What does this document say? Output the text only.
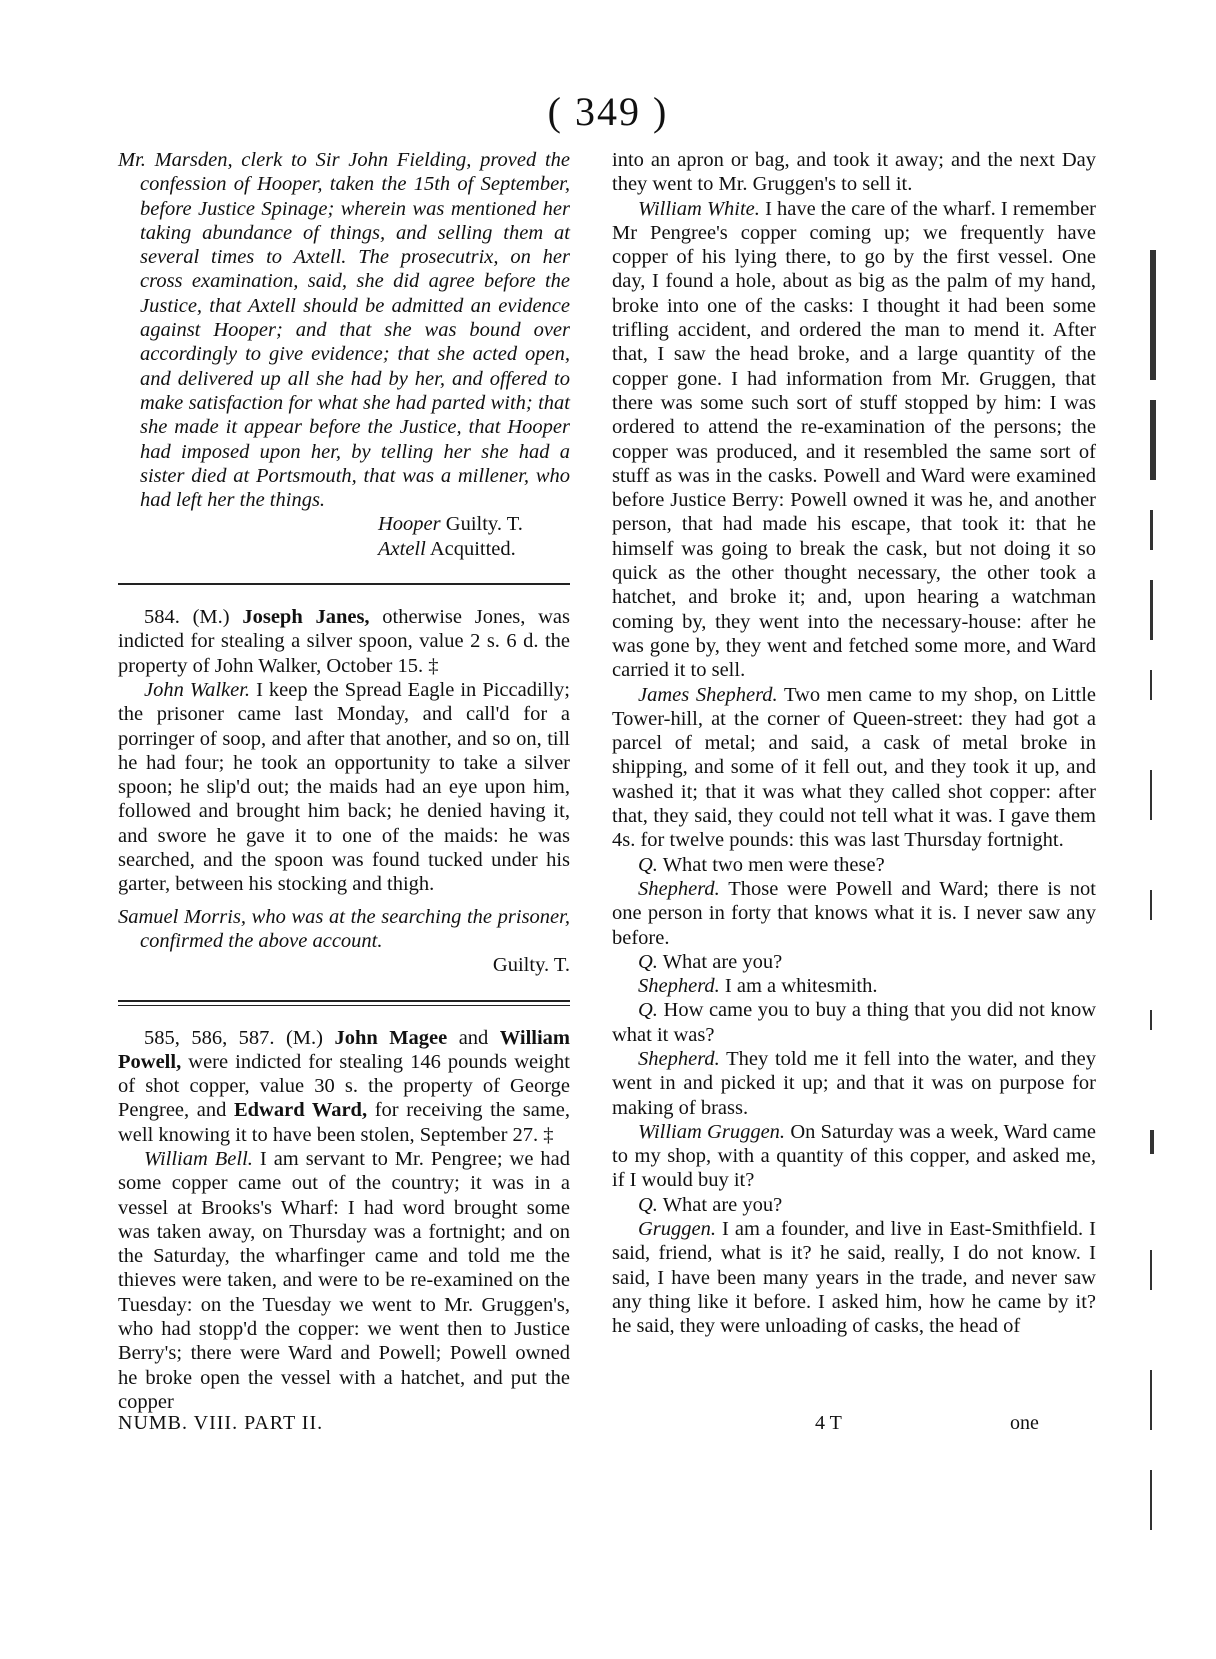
( 349 )

Mr. Marsden, clerk to Sir John Fielding, proved the confession of Hooper, taken the 15th of September, before Justice Spinage; wherein was mentioned her taking abundance of things, and selling them at several times to Axtell. The prosecutrix, on her cross examination, said, she did agree before the Justice, that Axtell should be admitted an evidence against Hooper; and that she was bound over accordingly to give evidence; that she acted open, and delivered up all she had by her, and offered to make satisfaction for what she had parted with; that she made it appear before the Justice, that Hooper had imposed upon her, by telling her she had a sister died at Portsmouth, that was a millener, who had left her the things.

Hooper Guilty. T.

Axtell Acquitted.

584. (M.) Joseph Janes, otherwise Jones, was indicted for stealing a silver spoon, value 2 s. 6 d. the property of John Walker, October 15. ‡

John Walker. I keep the Spread Eagle in Piccadilly; the prisoner came last Monday, and call'd for a porringer of soop, and after that another, and so on, till he had four; he took an opportunity to take a silver spoon; he slip'd out; the maids had an eye upon him, followed and brought him back; he denied having it, and swore he gave it to one of the maids: he was searched, and the spoon was found tucked under his garter, between his stocking and thigh.

Samuel Morris, who was at the searching the prisoner, confirmed the above account.

Guilty. T.

585, 586, 587. (M.) John Magee and William Powell, were indicted for stealing 146 pounds weight of shot copper, value 30 s. the property of George Pengree, and Edward Ward, for receiving the same, well knowing it to have been stolen, September 27. ‡

William Bell. I am servant to Mr. Pengree; we had some copper came out of the country; it was in a vessel at Brooks's Wharf: I had word brought some was taken away, on Thursday was a fortnight; and on the Saturday, the wharfinger came and told me the thieves were taken, and were to be re-examined on the Tuesday: on the Tuesday we went to Mr. Gruggen's, who had stopp'd the copper: we went then to Justice Berry's; there were Ward and Powell; Powell owned he broke open the vessel with a hatchet, and put the copper

into an apron or bag, and took it away; and the next Day they went to Mr. Gruggen's to sell it.

William White. I have the care of the wharf. I remember Mr Pengree's copper coming up; we frequently have copper of his lying there, to go by the first vessel. One day, I found a hole, about as big as the palm of my hand, broke into one of the casks: I thought it had been some trifling accident, and ordered the man to mend it. After that, I saw the head broke, and a large quantity of the copper gone. I had information from Mr. Gruggen, that there was some such sort of stuff stopped by him: I was ordered to attend the re-examination of the persons; the copper was produced, and it resembled the same sort of stuff as was in the casks. Powell and Ward were examined before Justice Berry: Powell owned it was he, and another person, that had made his escape, that took it: that he himself was going to break the cask, but not doing it so quick as the other thought necessary, the other took a hatchet, and broke it; and, upon hearing a watchman coming by, they went into the necessary-house: after he was gone by, they went and fetched some more, and Ward carried it to sell.

James Shepherd. Two men came to my shop, on Little Tower-hill, at the corner of Queen-street: they had got a parcel of metal; and said, a cask of metal broke in shipping, and some of it fell out, and they took it up, and washed it; that it was what they called shot copper: after that, they said, they could not tell what it was. I gave them 4s. for twelve pounds: this was last Thursday fortnight.

Q. What two men were these?

Shepherd. Those were Powell and Ward; there is not one person in forty that knows what it is. I never saw any before.

Q. What are you?

Shepherd. I am a whitesmith.

Q. How came you to buy a thing that you did not know what it was?

Shepherd. They told me it fell into the water, and they went in and picked it up; and that it was on purpose for making of brass.

William Gruggen. On Saturday was a week, Ward came to my shop, with a quantity of this copper, and asked me, if I would buy it?

Q. What are you?

Gruggen. I am a founder, and live in East-Smithfield. I said, friend, what is it? he said, really, I do not know. I said, I have been many years in the trade, and never saw any thing like it before. I asked him, how he came by it? he said, they were unloading of casks, the head of

NUMB. VIII. PART II.	4 T	one
